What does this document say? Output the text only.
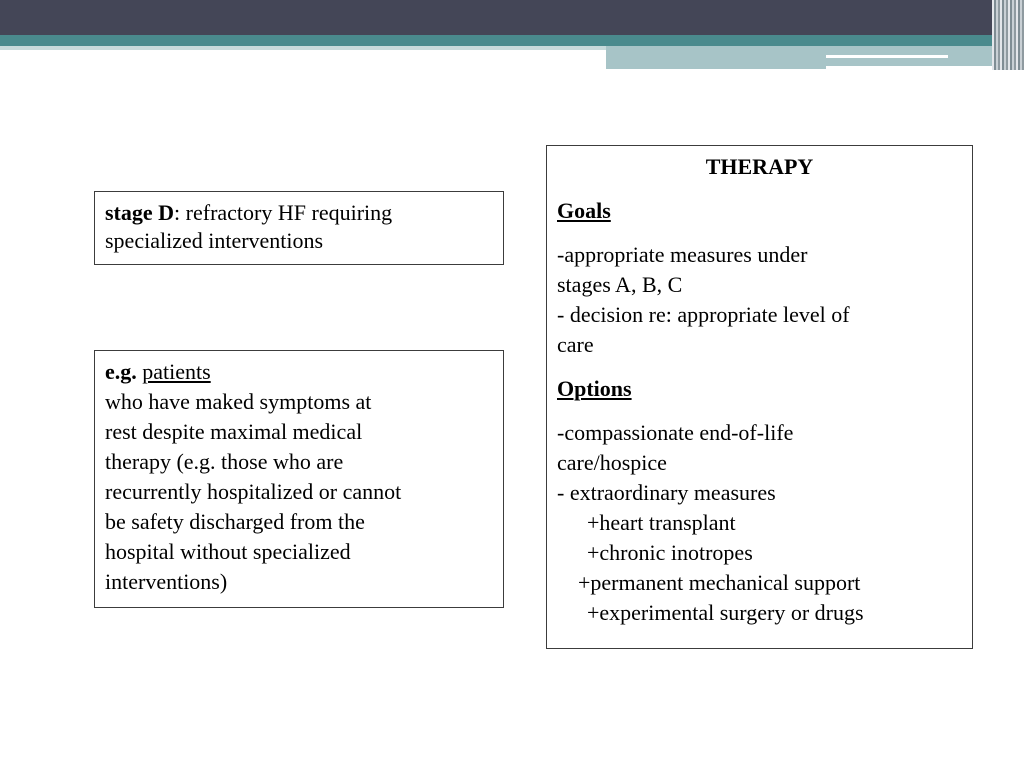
stage D: refractory HF requiring specialized interventions
e.g. patients
who have maked symptoms at
rest despite maximal medical
therapy (e.g. those who are
recurrently hospitalized or cannot
be safety discharged from the
hospital without specialized
interventions)
THERAPY
Goals
-appropriate measures under
stages A, B, C
- decision re: appropriate level of
care
Options
-compassionate end-of-life
care/hospice
- extraordinary measures
+heart transplant
+chronic inotropes
+permanent mechanical support
+experimental surgery or drugs
